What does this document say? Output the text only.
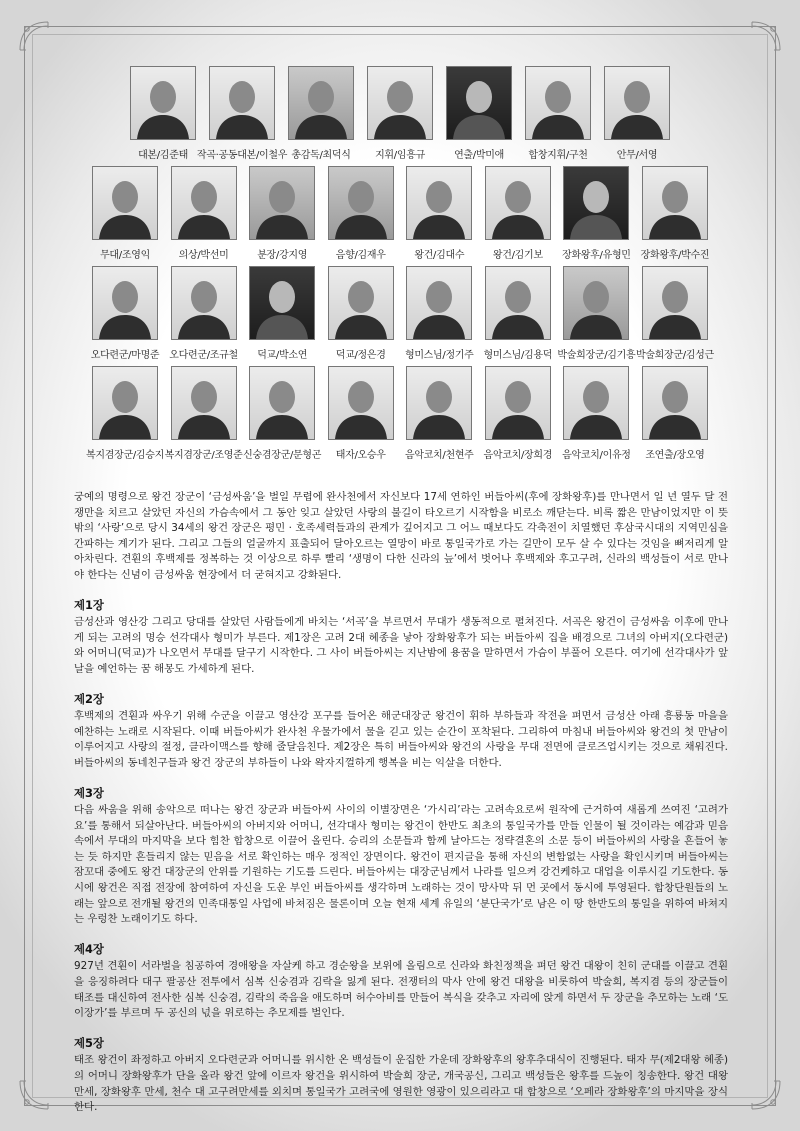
대본/김준태 작곡·공동대본/이철우 총감독/최덕식 지휘/임흥규	연출/박미애 합창지휘/구천	안무/서영
무대/조영익	의상/박선미	분장/강지영	음향/김재우	왕건/김대수	왕건/김기보 장화왕후/유형민 장화왕후/박수진
오다련군/마명준 오다련군/조규철 덕교/박소연	덕교/정은경 형미스님/정기주 형미스님/김용덕 박술희장군/김기흥 박술희장군/김성근
복지겸장군/김승지 복지겸장군/조영준 신숭겸장군/문형곤 태자/오승우 음악코치/천현주 음악코치/장희경 음악코치/이유정 조연출/장오영

궁예의 명령으로 왕건 장군이 ‘금성싸움’을 벌일 무렵에 완사천에서 자신보다 17세 연하인 버들아씨(후에 장화왕후)를 만나면서 일 년 열두 달 전쟁만을 치르고 살았던 자신의 가슴속에서 그 동안 잊고 살았던 사랑의 불길이 타오르기 시작함을 비로소 깨닫는다. 비록 짧은 만남이었지만 이 뜻밖의 ‘사랑’으로 당시 34세의 왕건 장군은 평민 · 호족세력들과의 관계가 깊어지고 그 어느 때보다도 각축전이 치열했던 후삼국시대의 지역민심을 간파하는 계기가 된다. 그리고 그들의 얼굴까지 표출되어 달아오르는 열망이 바로 통일국가로 가는 길만이 모두 살 수 있다는 것임을 뼈저리게 알아차린다. 견훤의 후백제를 정복하는 것 이상으로 하루 빨리 ‘생명이 다한 신라의 늪’에서 벗어나 후백제와 후고구려, 신라의 백성들이 서로 만나야 한다는 신념이 금성싸움 현장에서 더 굳혀지고 강화된다.

제1장

금성산과 영산강 그리고 당대를 살았던 사람들에게 바치는 ‘서곡’을 부르면서 무대가 생동적으로 펼쳐진다. 서곡은 왕건이 금성싸움 이후에 만나게 되는 고려의 명승 선각대사 형미가 부른다. 제1장은 고려 2대 혜종을 낳아 장화왕후가 되는 버들아씨 집을 배경으로 그녀의 아버지(오다련군)와 어머니(덕교)가 나오면서 무대를 달구기 시작한다. 그 사이 버들아씨는 지난밤에 용꿈을 말하면서 가슴이 부풀어 오른다. 여기에 선각대사가 앞날을 예언하는 꿈 해몽도 가세하게 된다.

제2장

후백제의 견훤과 싸우기 위해 수군을 이끌고 영산강 포구를 들어온 해군대장군 왕건이 휘하 부하들과 작전을 펴면서 금성산 아래 흥룡동 마을을 예찬하는 노래로 시작된다. 이때 버들아씨가 완사천 우물가에서 물을 긷고 있는 순간이 포착된다. 그리하여 마침내 버들아씨와 왕건의 첫 만남이 이루어지고 사랑의 절정, 클라이맥스를 향해 줄달음친다. 제2장은 특히 버들아씨와 왕건의 사랑을 무대 전면에 클로즈업시키는 것으로 채워진다. 버들아씨의 동네친구들과 왕건 장군의 부하들이 나와 왁자지껄하게 행복을 비는 익살을 더한다.

제3장

다음 싸움을 위해 송악으로 떠나는 왕건 장군과 버들아씨 사이의 이별장면은 ‘가시리’라는 고려속요로써 원작에 근거하여 새롭게 쓰여진 ‘고려가요’를 통해서 되살아난다. 버들아씨의 아버지와 어머니, 선각대사 형미는 왕건이 한반도 최초의 통일국가를 만들 인물이 될 것이라는 예감과 믿음 속에서 무대의 마지막을 보다 힘찬 합창으로 이끌어 올린다. 승리의 소문들과 함께 날아드는 정략결혼의 소문 등이 버들아씨의 사랑을 흔들어 놓는 듯 하지만 흔들리지 않는 믿음을 서로 확인하는 매우 정적인 장면이다. 왕건이 편지글을 통해 자신의 변함없는 사랑을 확인시키며 버들아씨는 잠꼬대 중에도 왕건 대장군의 안위를 기원하는 기도를 드린다. 버들아씨는 대장군님께서 나라를 일으켜 강건케하고 대업을 이루시길 기도한다. 동시에 왕건은 직접 전장에 참여하여 자신을 도운 부인 버들아씨를 생각하며 노래하는 것이 망사막 뒤 먼 곳에서 동시에 투영된다. 합창단원들의 노래는 앞으로 전개될 왕건의 민족대통일 사업에 바쳐짐은 물론이며 오늘 현재 세계 유일의 ‘분단국가’로 남은 이 땅 한반도의 통일을 위하여 바쳐지는 우렁찬 노래이기도 하다.

제4장

927년 견훤이 서라벌을 침공하여 경애왕을 자살케 하고 경순왕을 보위에 올림으로 신라와 화친정책을 펴던 왕건 대왕이 친히 군대를 이끌고 견훤을 응징하려다 대구 팔공산 전투에서 심복 신숭겸과 김락을 잃게 된다. 전쟁터의 막사 안에 왕건 대왕을 비롯하여 박술희, 복지겸 등의 장군들이 태조를 대신하여 전사한 심복 신숭겸, 김락의 죽음을 애도하며 허수아비를 만들어 복식을 갖추고 자리에 앉게 하면서 두 장군을 추모하는 노래 ‘도이장가’를 부르며 두 공신의 넋을 위로하는 추모제를 벌인다.

제5장

태조 왕건이 좌정하고 아버지 오다련군과 어머니를 위시한 온 백성들이 운집한 가운데 장화왕후의 왕후추대식이 진행된다. 태자 무(제2대왕 혜종)의 어머니 장화왕후가 단을 올라 왕건 앞에 이르자 왕건을 위시하여 박술희 장군, 개국공신, 그리고 백성들은 왕후를 드높이 칭송한다. 왕건 대왕 만세, 장화왕후 만세, 천수 대 고구려만세를 외치며 통일국가 고려국에 영원한 영광이 있으리라고 대 합창으로 ‘오페라 장화왕후’의 마지막을 장식한다.
